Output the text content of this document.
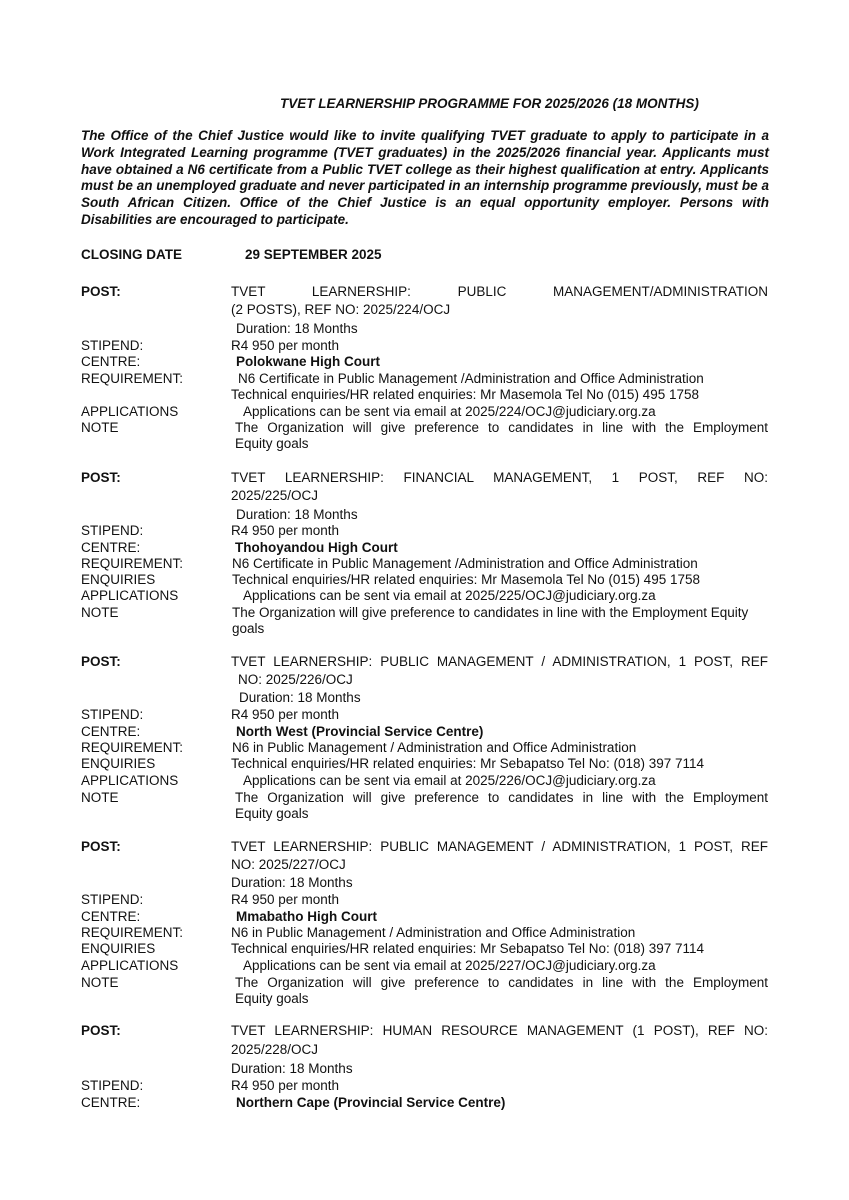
TVET LEARNERSHIP PROGRAMME FOR 2025/2026 (18 MONTHS)
The Office of the Chief Justice would like to invite qualifying TVET graduate to apply to participate in a Work Integrated Learning programme (TVET graduates) in the 2025/2026 financial year. Applicants must have obtained a N6 certificate from a Public TVET college as their highest qualification at entry. Applicants must be an unemployed graduate and never participated in an internship programme previously, must be a South African Citizen. Office of the Chief Justice is an equal opportunity employer. Persons with Disabilities are encouraged to participate.
CLOSING DATE	29 SEPTEMBER 2025
POST:	TVET LEARNERSHIP: PUBLIC MANAGEMENT/ADMINISTRATION
(2 POSTS), REF NO: 2025/224/OCJ
Duration: 18 Months
STIPEND:	R4 950 per month
CENTRE:	Polokwane High Court
REQUIREMENT:	N6 Certificate in Public Management /Administration and Office Administration
Technical enquiries/HR related enquiries: Mr Masemola Tel No (015) 495 1758
APPLICATIONS	Applications can be sent via email at 2025/224/OCJ@judiciary.org.za
NOTE	The Organization will give preference to candidates in line with the Employment
Equity goals
POST:	TVET LEARNERSHIP: FINANCIAL MANAGEMENT, 1 POST, REF NO:
2025/225/OCJ
Duration: 18 Months
STIPEND:	R4 950 per month
CENTRE:	Thohoyandou High Court
REQUIREMENT:	N6 Certificate in Public Management /Administration and Office Administration
ENQUIRIES	Technical enquiries/HR related enquiries: Mr Masemola Tel No (015) 495 1758
APPLICATIONS	Applications can be sent via email at 2025/225/OCJ@judiciary.org.za
NOTE	The Organization will give preference to candidates in line with the Employment Equity
goals
POST:	TVET LEARNERSHIP: PUBLIC MANAGEMENT / ADMINISTRATION, 1 POST, REF
NO: 2025/226/OCJ
Duration: 18 Months
STIPEND:	R4 950 per month
CENTRE:	North West (Provincial Service Centre)
REQUIREMENT:	N6 in Public Management / Administration and Office Administration
ENQUIRIES	Technical enquiries/HR related enquiries: Mr Sebapatso Tel No: (018) 397 7114
APPLICATIONS	Applications can be sent via email at 2025/226/OCJ@judiciary.org.za
NOTE	The Organization will give preference to candidates in line with the Employment
Equity goals
POST:	TVET LEARNERSHIP: PUBLIC MANAGEMENT / ADMINISTRATION, 1 POST, REF
NO: 2025/227/OCJ
Duration: 18 Months
STIPEND:	R4 950 per month
CENTRE:	Mmabatho High Court
REQUIREMENT:	N6 in Public Management / Administration and Office Administration
ENQUIRIES	Technical enquiries/HR related enquiries: Mr Sebapatso Tel No: (018) 397 7114
APPLICATIONS	Applications can be sent via email at 2025/227/OCJ@judiciary.org.za
NOTE	The Organization will give preference to candidates in line with the Employment
Equity goals
POST:	TVET LEARNERSHIP: HUMAN RESOURCE MANAGEMENT (1 POST), REF NO:
2025/228/OCJ
Duration: 18 Months
STIPEND:	R4 950 per month
CENTRE:	Northern Cape (Provincial Service Centre)
